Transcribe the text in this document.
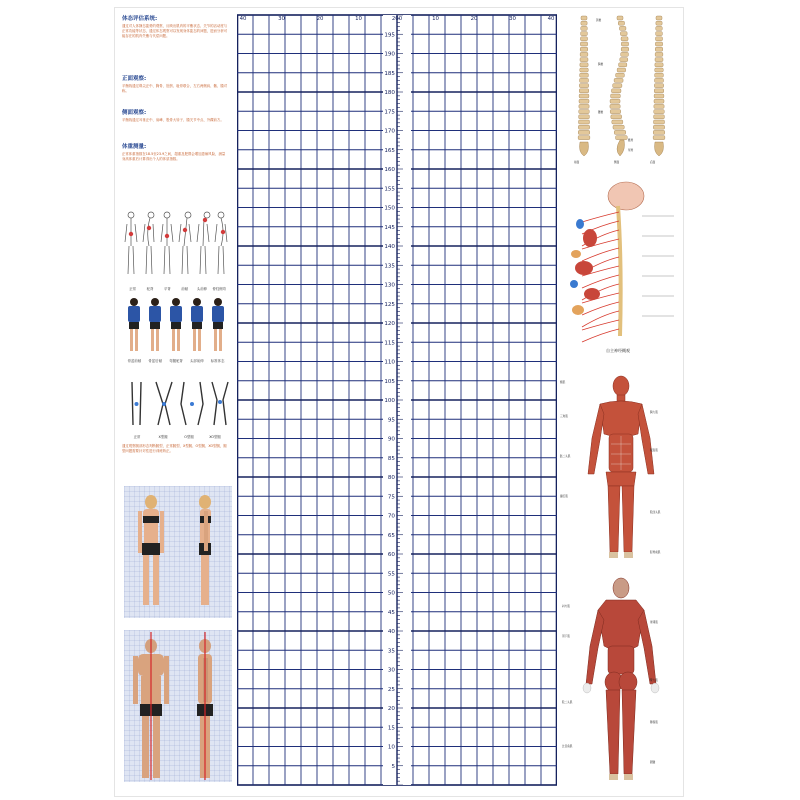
体态评估系统:
通过对人体静态姿势的观察，反映出肌肉的平衡状态、关节的活动度与正常功能等状态，通过体态观察可以发现身体姿态的问题，进而分析可能存在的肌肉失衡与代偿问题。
正面观察:
平衡线通过鼻尖正中、胸骨、肚脐、耻骨联合，左右两侧肩、髂、膝对称。
侧面观察:
平衡线通过耳垂正中、肩峰、股骨大转子、膝关节中点、外踝前方。
体重测量:
正常体重指数在18.5至23.9之间，超重及肥胖会增加患病风险，测量身高体重后计算得出个人的体质指数。
正常	驼背	平背	前倾	头前伸	脊柱侧弯
骨盆前倾	骨盆后倾	弯腰驼背	头部前伸	标准体态
正常	X型腿	O型腿	XO型腿
通过观察腿部形态判断腿型，正常腿型、X型腿、O型腿、XO型腿，腿型问题需要针对性进行训练矫正。
5
10
15
20
25
30
35
40
45
50
55
60
65
70
75
80
85
90
95
100
105
110
115
120
125
130
135
140
145
150
155
160
165
170
175
180
185
190
195
40	30	20	10	200	10	20	30	40	颈椎
胸椎
腰椎
骶骨
尾骨
前面	侧面	后面
自主神经概观
额肌
胸大肌
三角肌
腹直肌
肱二头肌
缝匠肌
股四头肌
胫骨前肌
斜方肌
背阔肌
冈下肌
臀大肌
股二头肌
腓肠肌
比目鱼肌
跟腱
